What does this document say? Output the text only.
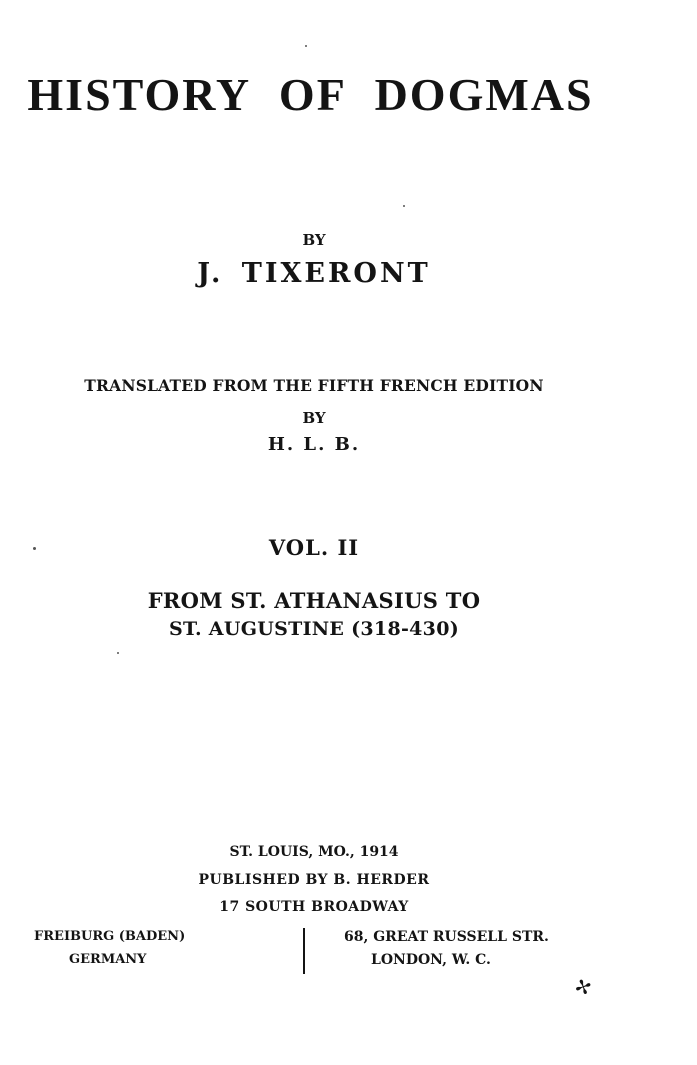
HISTORY OF DOGMAS
BY
J. TIXERONT
TRANSLATED FROM THE FIFTH FRENCH EDITION
BY
H. L. B.
VOL. II
FROM ST. ATHANASIUS TO
ST. AUGUSTINE (318-430)
ST. LOUIS, MO., 1914
PUBLISHED BY B. HERDER
17 SOUTH BROADWAY
FREIBURG (BADEN)
GERMANY
68, GREAT RUSSELL STR.
LONDON, W. C.
✢
